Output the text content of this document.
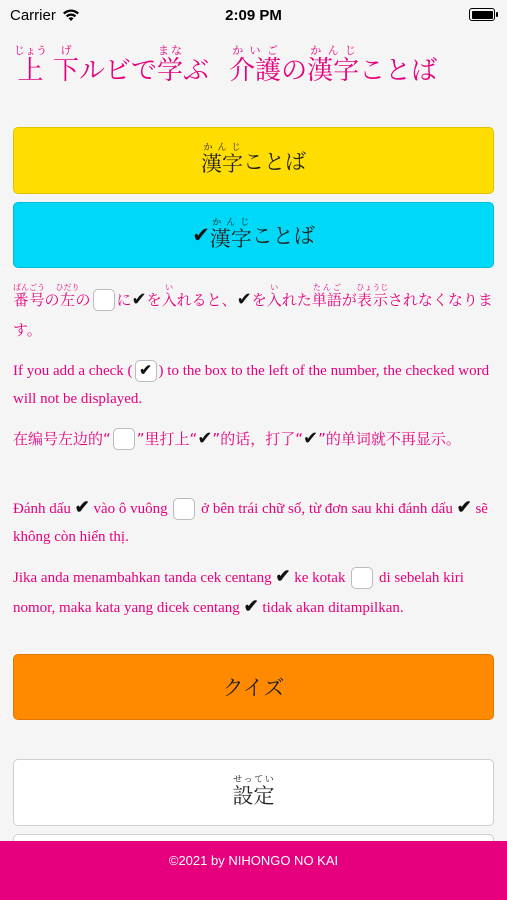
Carrier	2:09 PM
上じょう
下げ
ルビで 学まな
ぶ 介護かいご
の 漢字かんじ
ことば
漢字かんじ
ことば
✔ 漢字かんじ
ことば
番号ばんごうの左ひだりの に✔を入いれると、✔を入いれた単語たんごが表示ひょうじされなくなります。
If you add a check ( ✔ ) to the box to the left of the number, the checked word will not be displayed.
在编号左边的“ ”里打上“✔”的话，打了“✔”的单词就不再显示。
Đánh dấu ✔ vào ô vuông ở bên trái chữ số, từ đơn sau khi đánh dấu ✔ sẽ không còn hiển thị.
Jika anda menambahkan tanda cek centang ✔ ke kotak di sebelah kiri nomor, maka kata yang dicek centang ✔ tidak akan ditampilkan.
クイズ
設定せってい
©2021 by NIHONGO NO KAI
